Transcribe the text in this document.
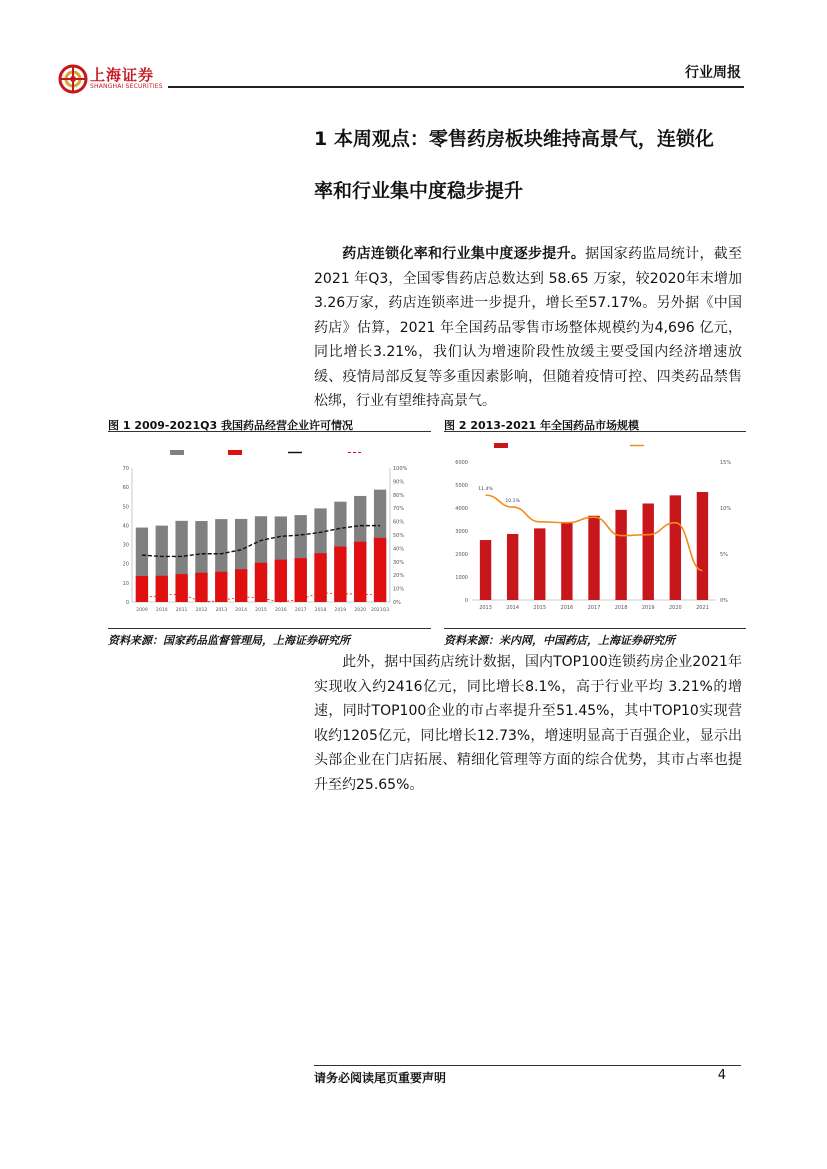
上海证券
SHANGHAI SECURITIES
行业周报
1 本周观点：零售药房板块维持高景气，连锁化
率和行业集中度稳步提升
药店连锁化率和行业集中度逐步提升。据国家药监局统计，截至 2021 年Q3，全国零售药店总数达到 58.65 万家，较2020年末增加3.26万家，药店连锁率进一步提升，增长至57.17%。另外据《中国药店》估算，2021 年全国药品零售市场整体规模约为4,696 亿元，同比增长3.21%，我们认为增速阶段性放缓主要受国内经济增速放缓、疫情局部反复等多重因素影响，但随着疫情可控、四类药品禁售松绑，行业有望维持高景气。
图 1 2009-2021Q3 我国药品经营企业许可情况
0
10
20
30
40
50
60
70
0%
10%
20%
30%
40%
50%
60%
70%
80%
90%
100%
2009 2010 2011 2012 2013 2014 2015 2016 2017 2018 2019 2020 2021Q3
资料来源：国家药品监督管理局，上海证券研究所
图 2 2013-2021 年全国药品市场规模
0
1000
2000
3000
4000
5000
6000
0%
5%
10%
15%
2013	2014	2015	2016	2017	2018	2019	2020	2021
11.4%
10.1%
资料来源：米内网，中国药店，上海证券研究所
此外，据中国药店统计数据，国内TOP100连锁药房企业2021年实现收入约2416亿元，同比增长8.1%，高于行业平均 3.21%的增速，同时TOP100企业的市占率提升至51.45%，其中TOP10实现营收约1205亿元，同比增长12.73%，增速明显高于百强企业，显示出头部企业在门店拓展、精细化管理等方面的综合优势，其市占率也提升至约25.65%。
请务必阅读尾页重要声明	4
